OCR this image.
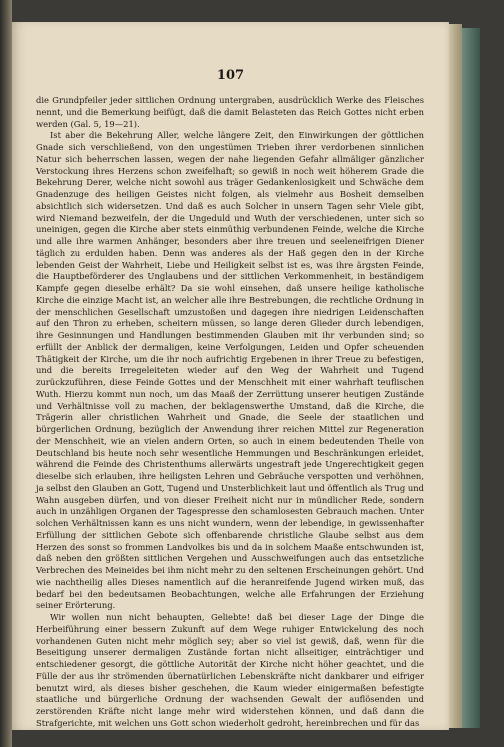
107

die Grundpfeiler jeder sittlichen Ordnung untergraben, ausdrücklich Werke des Fleisches nennt, und die Bemerkung beifügt, daß die damit Belasteten das Reich Gottes nicht erben werden (Gal. 5, 19—21).

Ist aber die Bekehrung Aller, welche längere Zeit, den Einwirkungen der göttlichen Gnade sich verschließend, von den ungestümen Trieben ihrer verdorbenen sinnlichen Natur sich beherrschen lassen, wegen der nahe liegenden Gefahr allmäliger gänzlicher Verstockung ihres Herzens schon zweifelhaft; so gewiß in noch weit höherem Grade die Bekehrung Derer, welche nicht sowohl aus träger Gedankenlosigkeit und Schwäche dem Gnadenzuge des heiligen Geistes nicht folgen, als vielmehr aus Bosheit demselben absichtlich sich widersetzen. Und daß es auch Solcher in unsern Tagen sehr Viele gibt, wird Niemand bezweifeln, der die Ungeduld und Wuth der verschiedenen, unter sich so uneinigen, gegen die Kirche aber stets einmüthig verbundenen Feinde, welche die Kirche und alle ihre warmen Anhänger, besonders aber ihre treuen und seeleneifrigen Diener täglich zu erdulden haben. Denn was anderes als der Haß gegen den in der Kirche lebenden Geist der Wahrheit, Liebe und Heiligkeit selbst ist es, was ihre ärgsten Feinde, die Hauptbeförderer des Unglaubens und der sittlichen Verkommenheit, in beständigem Kampfe gegen dieselbe erhält? Da sie wohl einsehen, daß unsere heilige katholische Kirche die einzige Macht ist, an welcher alle ihre Bestrebungen, die rechtliche Ordnung in der menschlichen Gesellschaft umzustoßen und dagegen ihre niedrigen Leidenschaften auf den Thron zu erheben, scheitern müssen, so lange deren Glieder durch lebendigen, ihre Gesinnungen und Handlungen bestimmenden Glauben mit ihr verbunden sind; so erfüllt der Anblick der dermaligen, keine Verfolgungen, Leiden und Opfer scheuenden Thätigkeit der Kirche, um die ihr noch aufrichtig Ergebenen in ihrer Treue zu befestigen, und die bereits Irregeleiteten wieder auf den Weg der Wahrheit und Tugend zurückzuführen, diese Feinde Gottes und der Menschheit mit einer wahrhaft teuflischen Wuth. Hierzu kommt nun noch, um das Maaß der Zerrüttung unserer heutigen Zustände und Verhältnisse voll zu machen, der beklagenswerthe Umstand, daß die Kirche, die Trägerin aller christlichen Wahrheit und Gnade, die Seele der staatlichen und bürgerlichen Ordnung, bezüglich der Anwendung ihrer reichen Mittel zur Regeneration der Menschheit, wie an vielen andern Orten, so auch in einem bedeutenden Theile von Deutschland bis heute noch sehr wesentliche Hemmungen und Beschränkungen erleidet, während die Feinde des Christenthums allerwärts ungestraft jede Ungerechtigkeit gegen dieselbe sich erlauben, ihre heiligsten Lehren und Gebräuche verspotten und verhöhnen, ja selbst den Glauben an Gott, Tugend und Unsterblichkeit laut und öffentlich als Trug und Wahn ausgeben dürfen, und von dieser Freiheit nicht nur in mündlicher Rede, sondern auch in unzähligen Organen der Tagespresse den schamlosesten Gebrauch machen. Unter solchen Verhältnissen kann es uns nicht wundern, wenn der lebendige, in gewissenhafter Erfüllung der sittlichen Gebote sich offenbarende christliche Glaube selbst aus dem Herzen des sonst so frommen Landvolkes bis und da in solchem Maaße entschwunden ist, daß neben den größten sittlichen Vergehen und Ausschweifungen auch das entsetzliche Verbrechen des Meineides bei ihm nicht mehr zu den seltenen Erscheinungen gehört. Und wie nachtheilig alles Dieses namentlich auf die heranreifende Jugend wirken muß, das bedarf bei den bedeutsamen Beobachtungen, welche alle Erfahrungen der Erziehung seiner Erörterung.

Wir wollen nun nicht behaupten, Geliebte! daß bei dieser Lage der Dinge die Herbeiführung einer bessern Zukunft auf dem Wege ruhiger Entwickelung des noch vorhandenen Guten nicht mehr möglich sey; aber so viel ist gewiß, daß, wenn für die Beseitigung unserer dermaligen Zustände fortan nicht allseitiger, einträchtiger und entschiedener gesorgt, die göttliche Autorität der Kirche nicht höher geachtet, und die Fülle der aus ihr strömenden übernatürlichen Lebenskräfte nicht dankbarer und eifriger benutzt wird, als dieses bisher geschehen, die Kaum wieder einigermaßen befestigte staatliche und bürgerliche Ordnung der wachsenden Gewalt der auflösenden und zerstörenden Kräfte nicht lange mehr wird widerstehen können, und daß dann die Strafgerichte, mit welchen uns Gott schon wiederholt gedroht, hereinbrechen und für das
